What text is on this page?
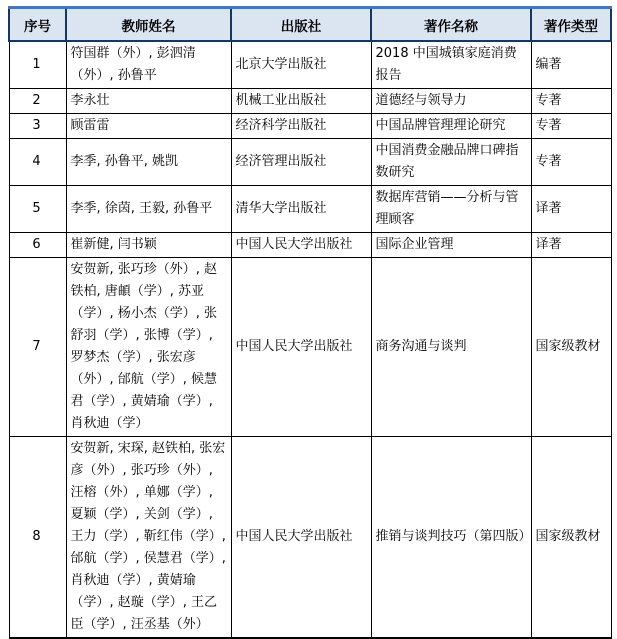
序号	教师姓名	出版社	著作名称	著作类型
1	符国群（外）, 彭泗清（外）, 孙鲁平	北京大学出版社	2018 中国城镇家庭消费报告	编著
2	李永壮	机械工业出版社	道德经与领导力	专著
3	顾雷雷	经济科学出版社	中国品牌管理理论研究	专著
4	李季, 孙鲁平, 姚凯	经济管理出版社	中国消费金融品牌口碑指数研究	专著
5	李季, 徐茵, 王毅, 孙鲁平	清华大学出版社	数据库营销——分析与管理顾客	译著
6	崔新健, 闫书颖	中国人民大学出版社	国际企业管理	译著
7	安贺新, 张巧珍（外）, 赵铁柏, 唐頔（学）, 苏亚（学）, 杨小杰（学）, 张舒羽（学）, 张博（学）, 罗梦杰（学）, 张宏彦（外）, 邰航（学）, 候慧君（学）, 黄婧瑜（学）, 肖秋迪（学）	中国人民大学出版社	商务沟通与谈判	国家级教材
8	安贺新, 宋琛, 赵铁柏, 张宏彦（外）, 张巧珍（外）, 汪榕（外）, 单娜（学）, 夏颖（学）, 关剑（学）, 王力（学）, 靳红伟（学）, 邰航（学）, 侯慧君（学）, 肖秋迪（学）, 黄婧瑜（学）, 赵璇（学）, 王乙臣（学）, 汪丞基（外）	中国人民大学出版社	推销与谈判技巧（第四版）	国家级教材
